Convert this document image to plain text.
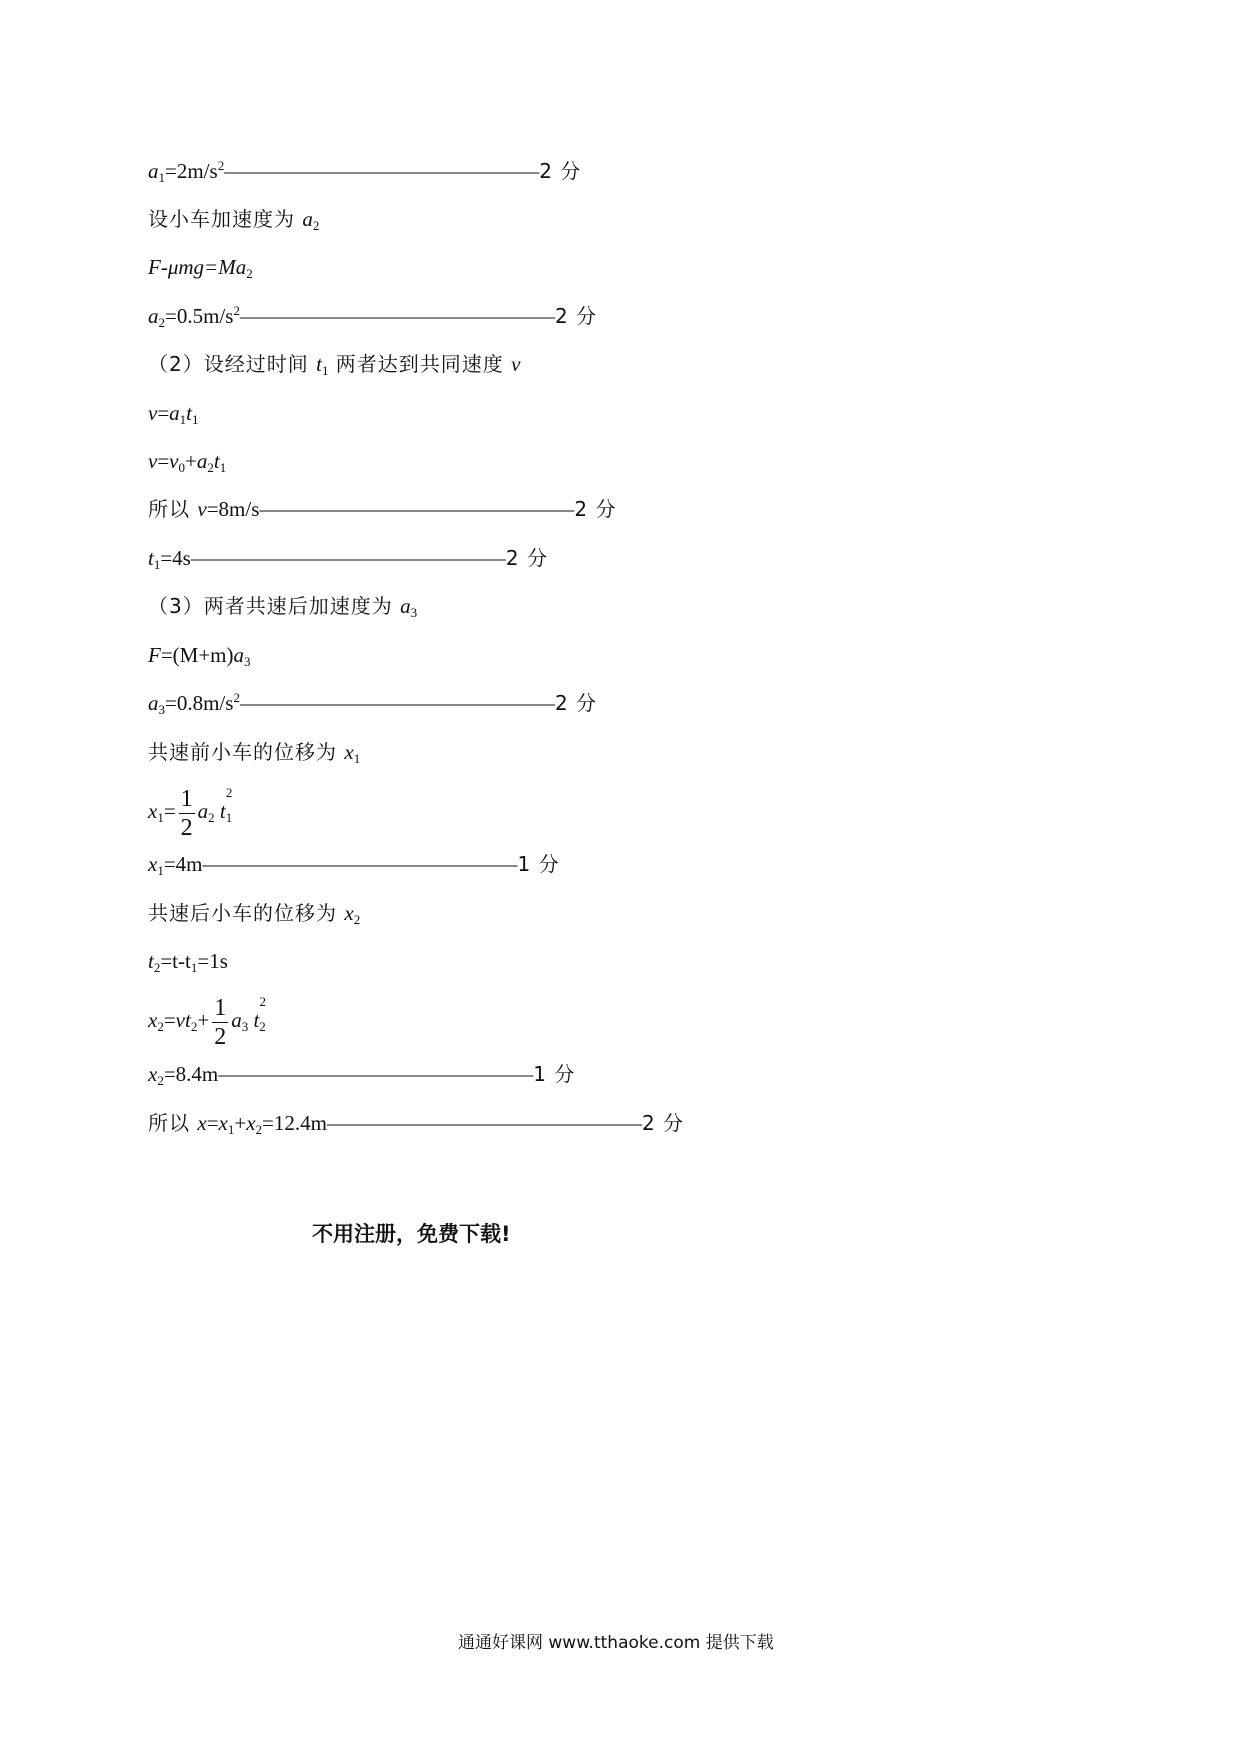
$a_1=2m/s^2———————————————2$ 分
设小车加速度为 $a_2$
$F-\mu mg=Ma_2$
$a_2=0.5m/s^2———————————————2$ 分
（2）设经过时间 $t_1$ 两者达到共同速度 v
$v=a_1t_1$
$v=v_0+a_2t_1$
所以 v=8m/s———————————————2 分
$t_1=4s———————————————2$ 分
（3）两者共速后加速度为 $a_3$
$F=(M+m)a_3$
$a_3=0.8m/s^2———————————————2$ 分
共速前小车的位移为 $x_1$
$x_1= \frac{1}{2} a_2$ t
2
$_1$
$x_1=4m———————————————1$ 分
共速后小车的位移为 $x_2$
$t_2=t-t_1=1s$
$x_2=vt_2+ \frac{1}{2} a_3$ t
2
$_2$
$x_2=8.4m———————————————1$ 分
所以 $x=x_1+x_2=12.4m———————————————2$ 分
不用注册，免费下载!
通通好课网 www.tthaoke.com 提供下载
